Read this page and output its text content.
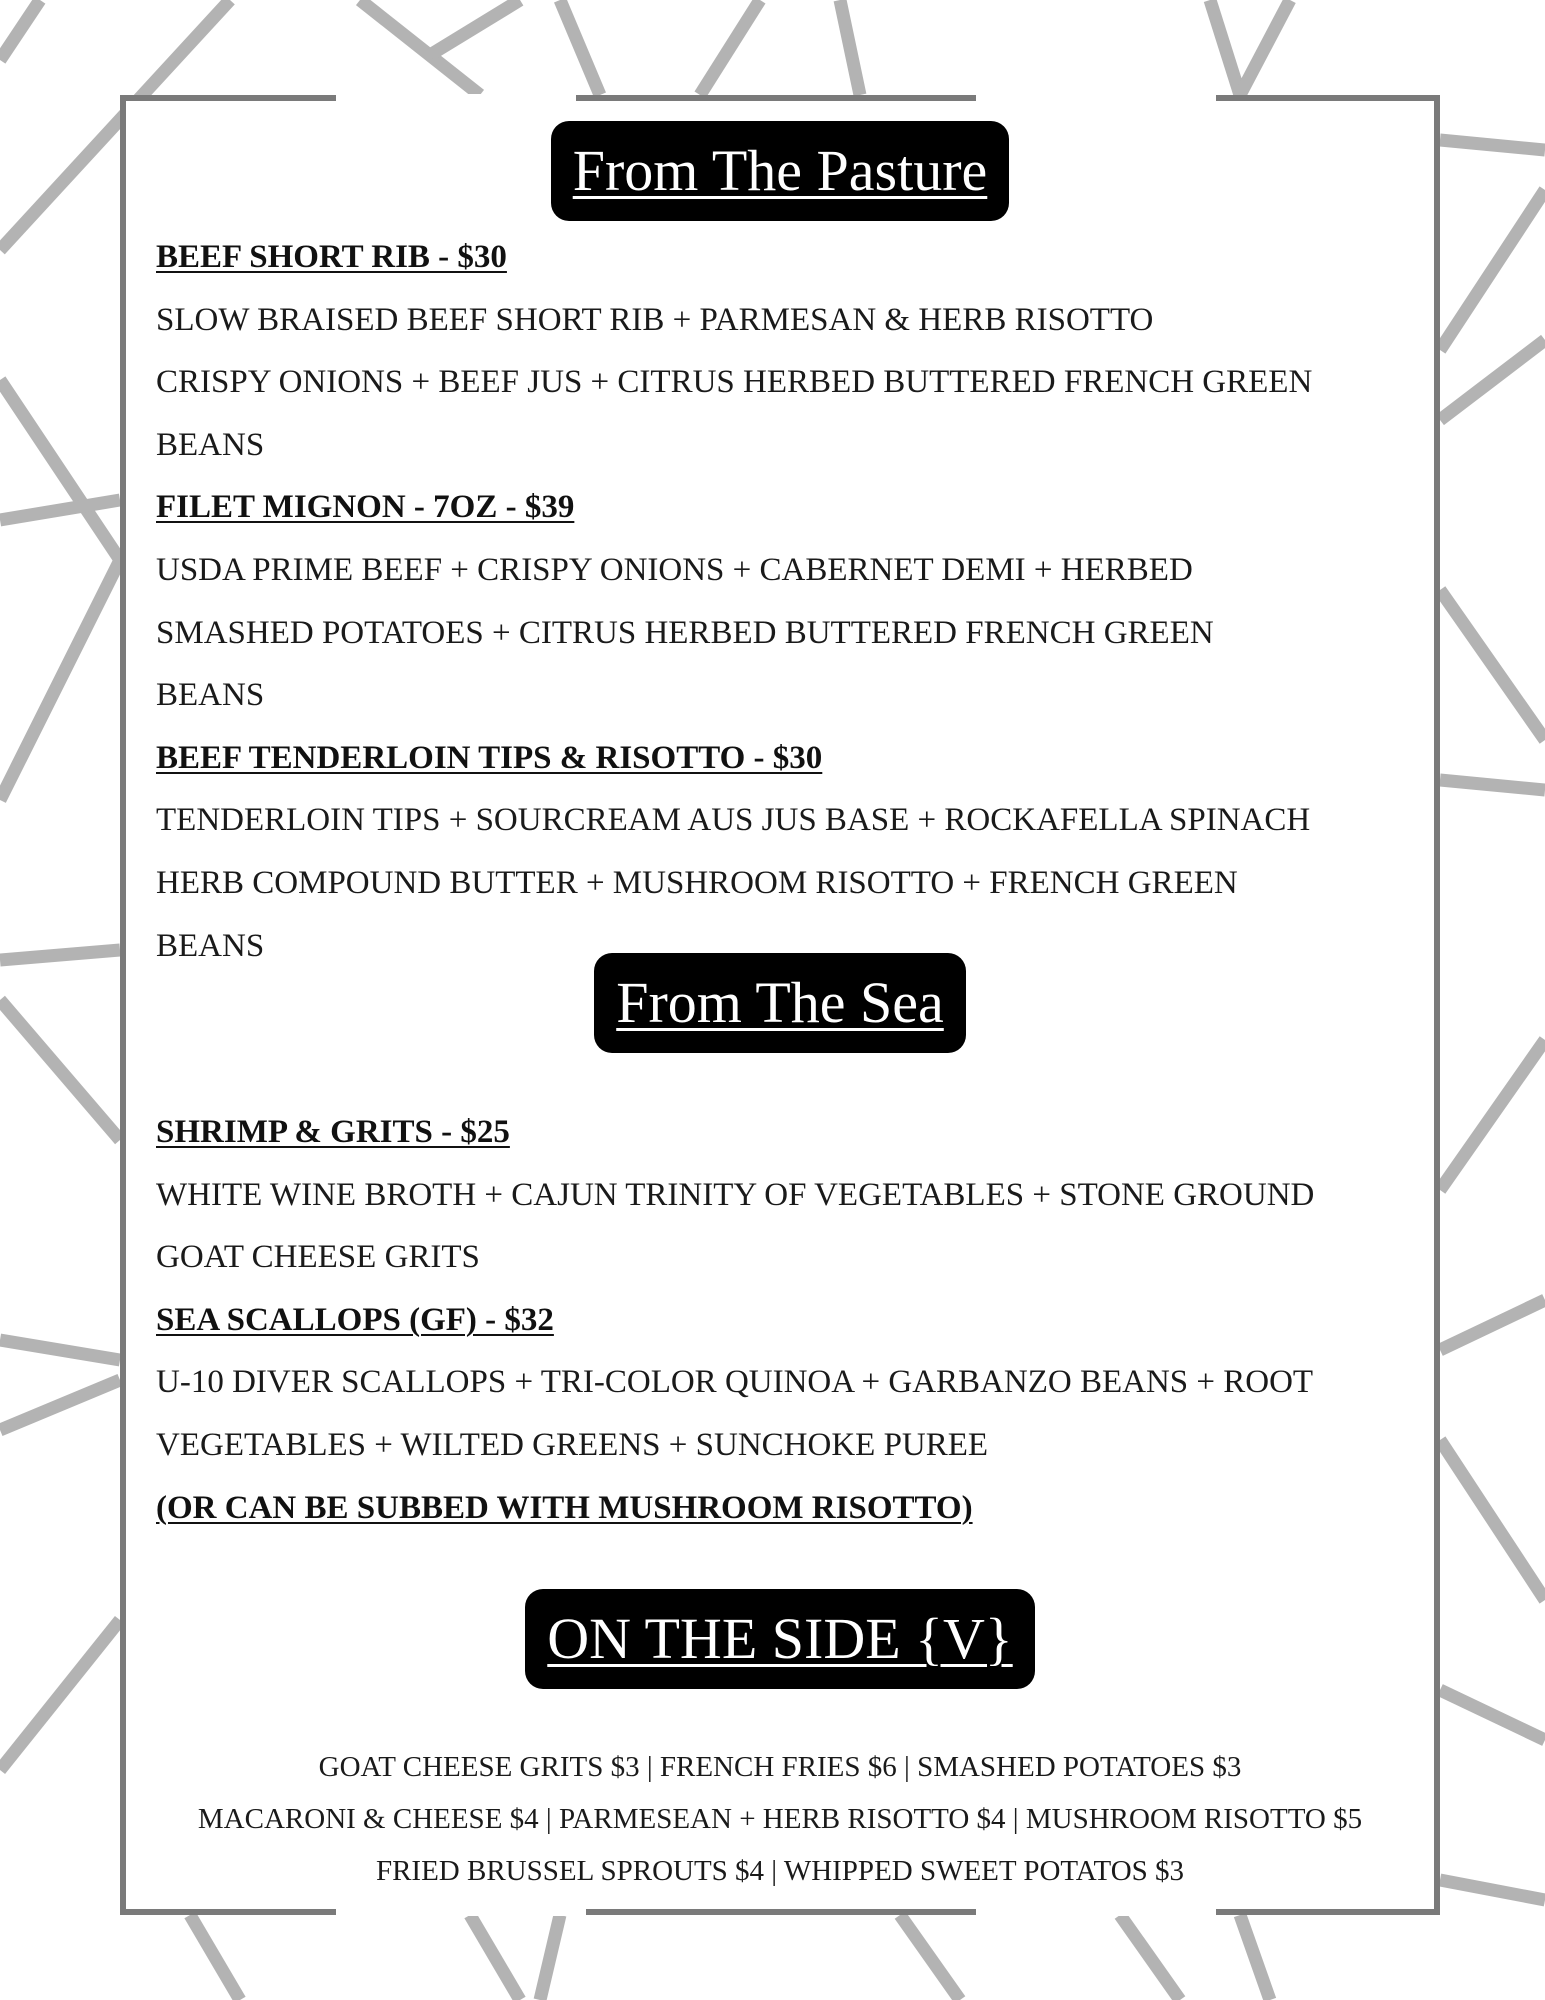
From The Pasture
BEEF SHORT RIB - $30
SLOW BRAISED BEEF SHORT RIB + PARMESAN & HERB RISOTTO
CRISPY ONIONS + BEEF JUS + CITRUS HERBED BUTTERED FRENCH GREEN
BEANS
FILET MIGNON - 7OZ - $39
USDA PRIME BEEF + CRISPY ONIONS + CABERNET DEMI + HERBED
SMASHED POTATOES + CITRUS HERBED BUTTERED FRENCH GREEN
BEANS
BEEF TENDERLOIN TIPS & RISOTTO - $30
TENDERLOIN TIPS + SOURCREAM AUS JUS BASE + ROCKAFELLA SPINACH
HERB COMPOUND BUTTER + MUSHROOM RISOTTO + FRENCH GREEN
BEANS
From The Sea
SHRIMP & GRITS - $25
WHITE WINE BROTH + CAJUN TRINITY OF VEGETABLES + STONE GROUND
GOAT CHEESE GRITS
SEA SCALLOPS (GF) - $32
U-10 DIVER SCALLOPS + TRI-COLOR QUINOA + GARBANZO BEANS + ROOT
VEGETABLES + WILTED GREENS + SUNCHOKE PUREE
(OR CAN BE SUBBED WITH MUSHROOM RISOTTO)
ON THE SIDE {V}
GOAT CHEESE GRITS $3 | FRENCH FRIES $6 | SMASHED POTATOES $3
MACARONI & CHEESE $4 | PARMESEAN + HERB RISOTTO $4 | MUSHROOM RISOTTO $5
FRIED BRUSSEL SPROUTS $4 | WHIPPED SWEET POTATOS $3
